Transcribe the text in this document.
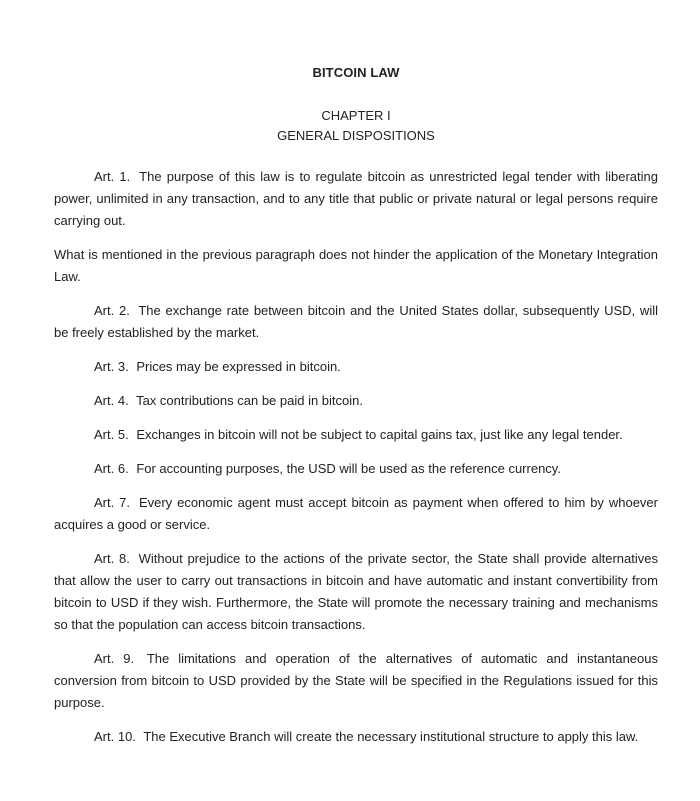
BITCOIN LAW
CHAPTER I
GENERAL DISPOSITIONS

Art. 1. The purpose of this law is to regulate bitcoin as unrestricted legal tender with liberating power, unlimited in any transaction, and to any title that public or private natural or legal persons require carrying out.

What is mentioned in the previous paragraph does not hinder the application of the Monetary Integration Law.

Art. 2. The exchange rate between bitcoin and the United States dollar, subsequently USD, will be freely established by the market.

Art. 3. Prices may be expressed in bitcoin.

Art. 4. Tax contributions can be paid in bitcoin.

Art. 5. Exchanges in bitcoin will not be subject to capital gains tax, just like any legal tender.

Art. 6. For accounting purposes, the USD will be used as the reference currency.

Art. 7. Every economic agent must accept bitcoin as payment when offered to him by whoever acquires a good or service.

Art. 8. Without prejudice to the actions of the private sector, the State shall provide alternatives that allow the user to carry out transactions in bitcoin and have automatic and instant convertibility from bitcoin to USD if they wish. Furthermore, the State will promote the necessary training and mechanisms so that the population can access bitcoin transactions.

Art. 9. The limitations and operation of the alternatives of automatic and instantaneous conversion from bitcoin to USD provided by the State will be specified in the Regulations issued for this purpose.

Art. 10. The Executive Branch will create the necessary institutional structure to apply this law.
